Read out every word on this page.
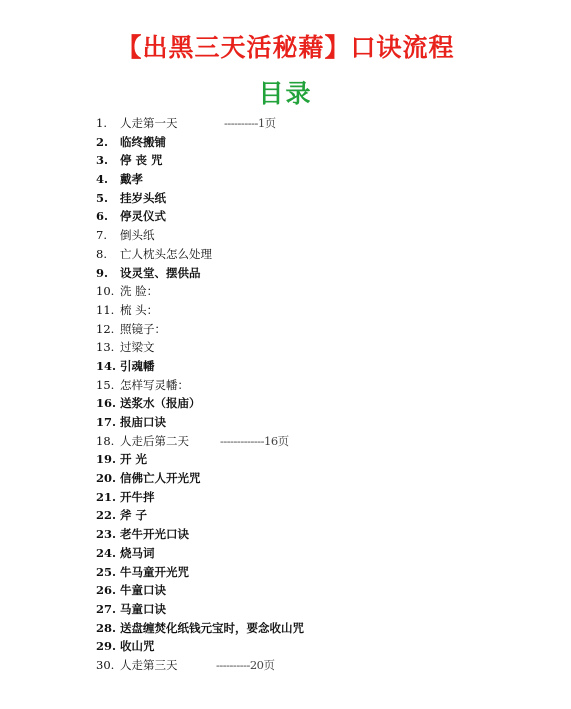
【出黑三天活秘藉】口诀流程
目录
1. 人走第一天	----------1页
2. 临终搬铺
3. 停 丧 咒
4. 戴孝
5. 挂岁头纸
6. 停灵仪式
7. 倒头纸
8. 亡人枕头怎么处理
9. 设灵堂、摆供品
10. 洗 脸：
11. 梳 头：
12. 照镜子：
13. 过梁文
14. 引魂幡
15. 怎样写灵幡：
16. 送浆水（报庙）
17. 报庙口诀
18. 人走后第二天	-------------16页
19. 开 光
20. 信佛亡人开光咒
21. 开牛拌
22. 斧 子
23. 老牛开光口诀
24. 烧马词
25. 牛马童开光咒
26. 牛童口诀
27. 马童口诀
28. 送盘缠焚化纸钱元宝时，要念收山咒
29. 收山咒
30. 人走第三天	----------20页
